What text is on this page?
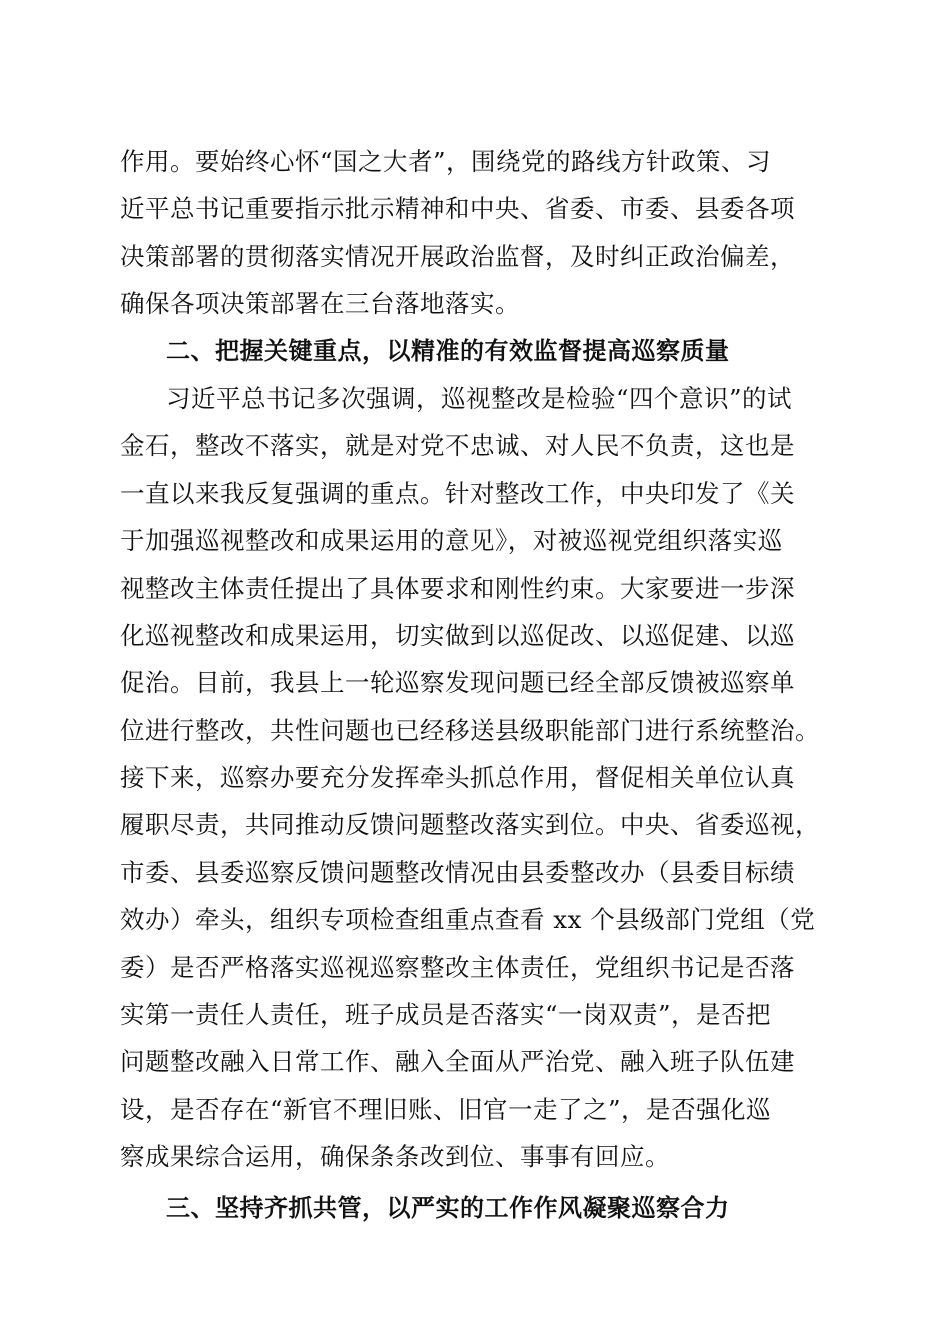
作用。要始终心怀“国之大者”，围绕党的路线方针政策、习
近平总书记重要指示批示精神和中央、省委、市委、县委各项
决策部署的贯彻落实情况开展政治监督，及时纠正政治偏差，
确保各项决策部署在三台落地落实。
二、把握关键重点，以精准的有效监督提高巡察质量
习近平总书记多次强调，巡视整改是检验“四个意识”的试
金石，整改不落实，就是对党不忠诚、对人民不负责，这也是
一直以来我反复强调的重点。针对整改工作，中央印发了《关
于加强巡视整改和成果运用的意见》，对被巡视党组织落实巡
视整改主体责任提出了具体要求和刚性约束。大家要进一步深
化巡视整改和成果运用，切实做到以巡促改、以巡促建、以巡
促治。目前，我县上一轮巡察发现问题已经全部反馈被巡察单
位进行整改，共性问题也已经移送县级职能部门进行系统整治。
接下来，巡察办要充分发挥牵头抓总作用，督促相关单位认真
履职尽责，共同推动反馈问题整改落实到位。中央、省委巡视，
市委、县委巡察反馈问题整改情况由县委整改办（县委目标绩
效办）牵头，组织专项检查组重点查看 xx 个县级部门党组（党
委）是否严格落实巡视巡察整改主体责任，党组织书记是否落
实第一责任人责任，班子成员是否落实“一岗双责”，是否把
问题整改融入日常工作、融入全面从严治党、融入班子队伍建
设，是否存在“新官不理旧账、旧官一走了之”，是否强化巡
察成果综合运用，确保条条改到位、事事有回应。
三、坚持齐抓共管，以严实的工作作风凝聚巡察合力
